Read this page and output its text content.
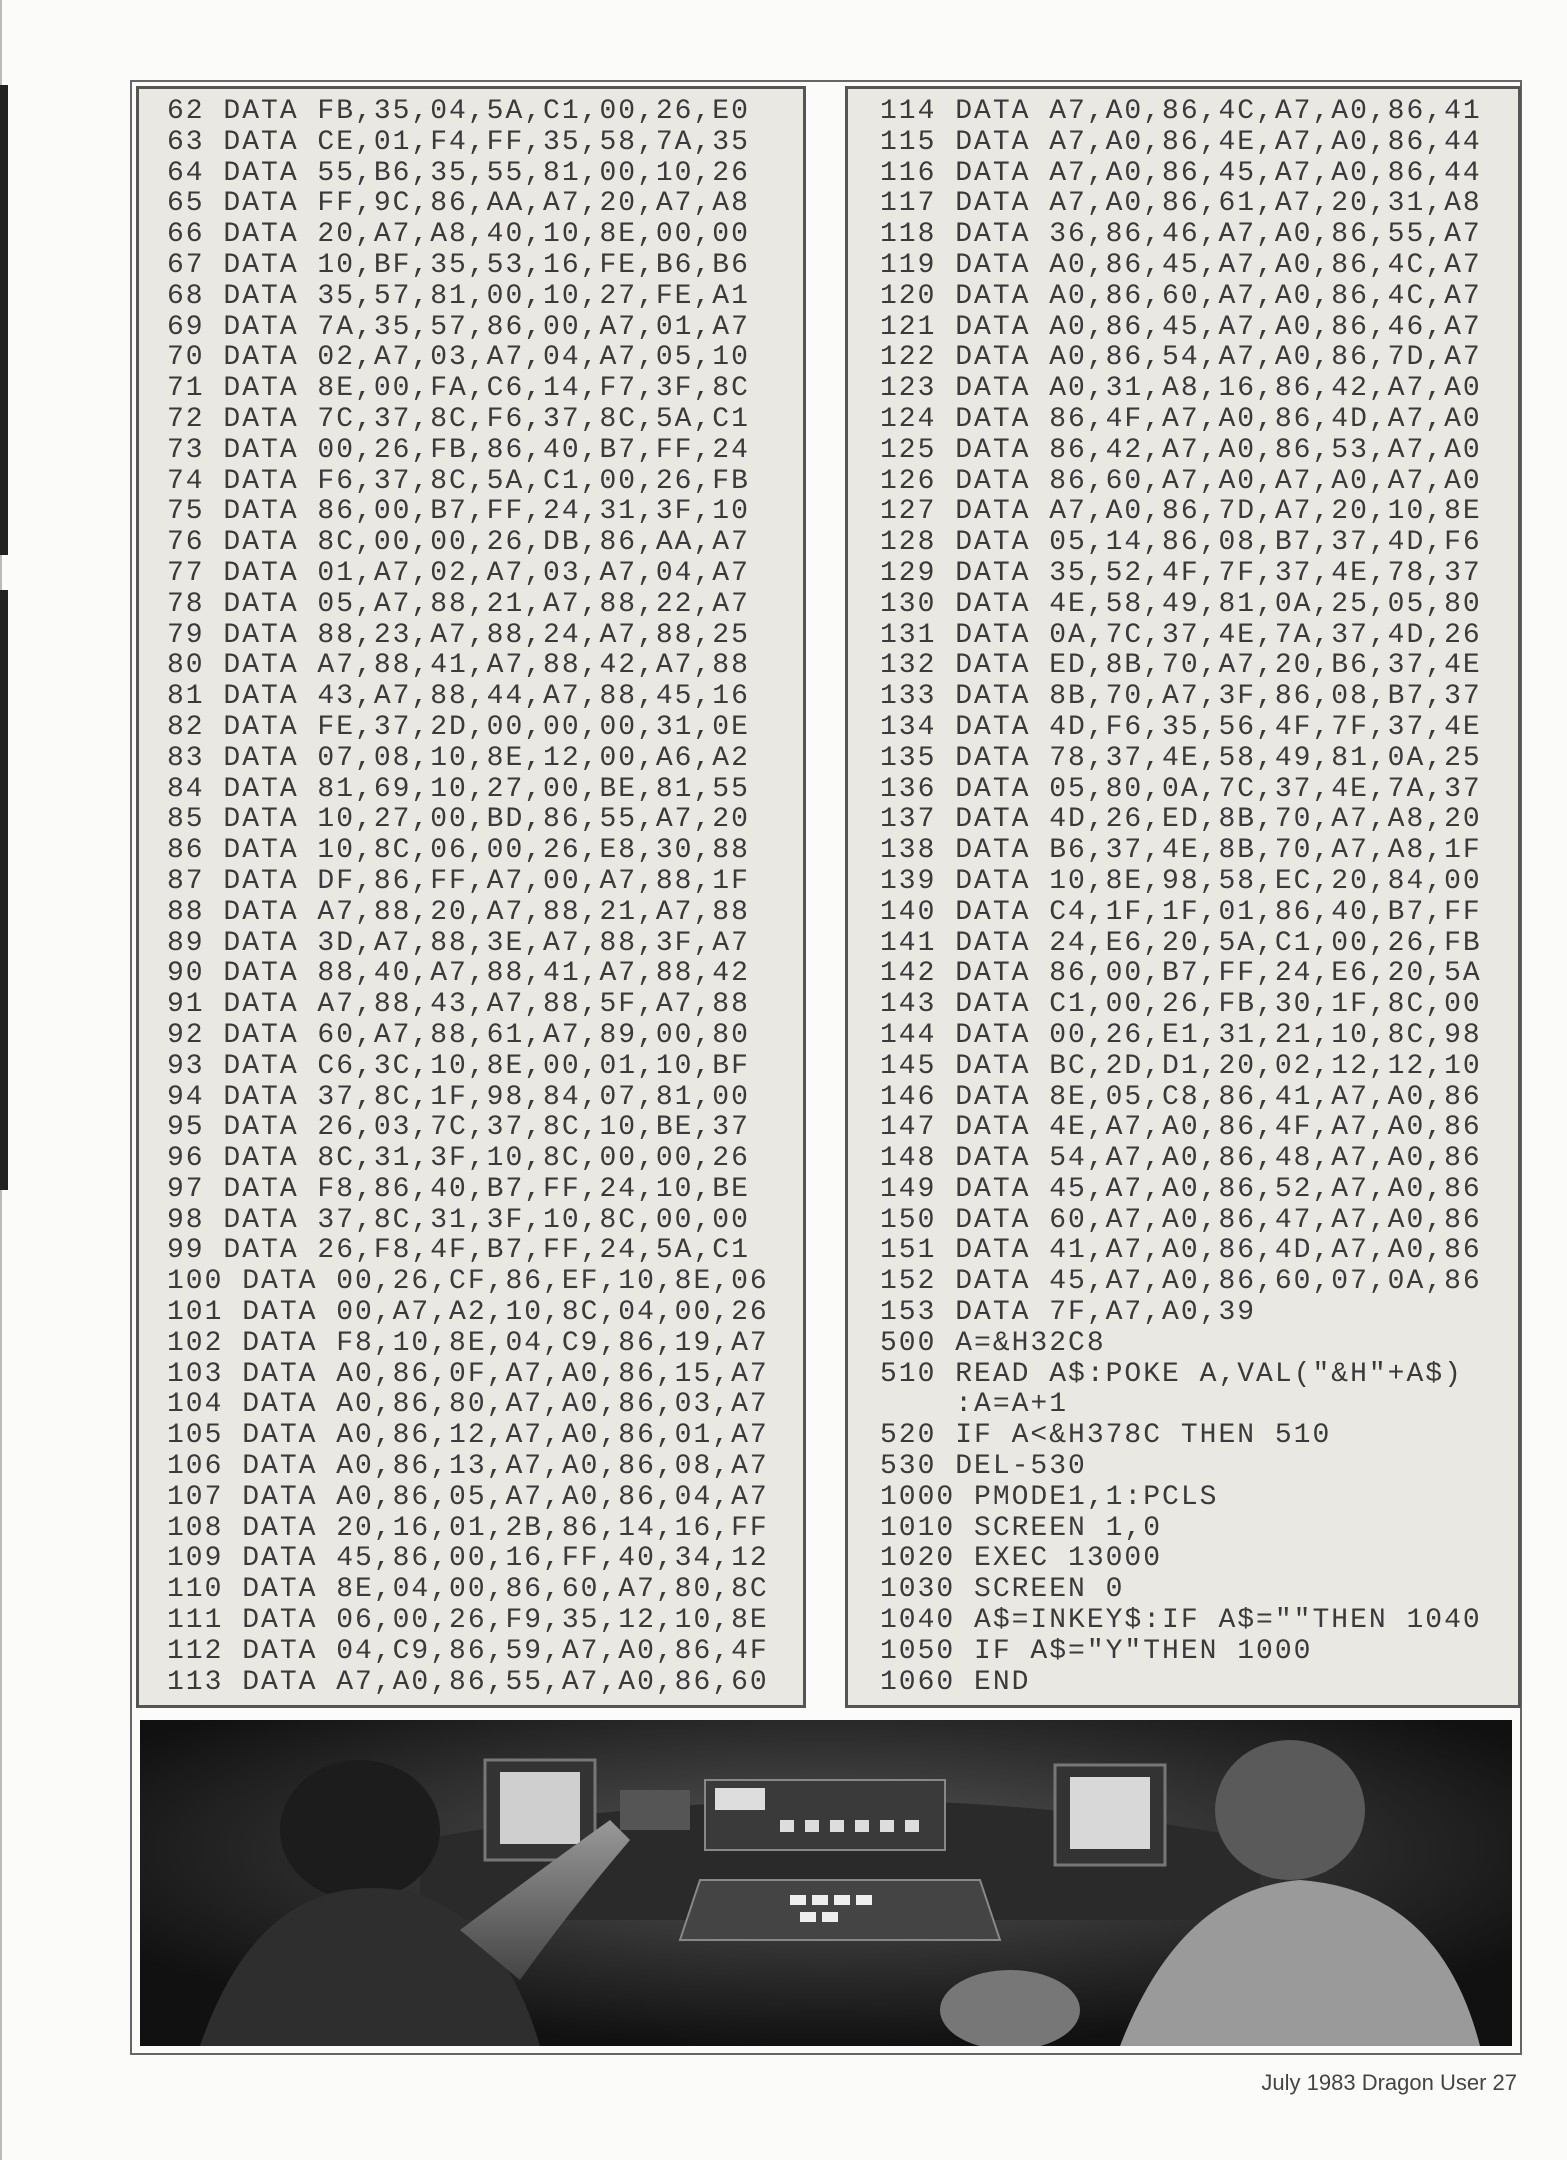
62 DATA FB,35,04,5A,C1,00,26,E0
63 DATA CE,01,F4,FF,35,58,7A,35
64 DATA 55,B6,35,55,81,00,10,26
65 DATA FF,9C,86,AA,A7,20,A7,A8
66 DATA 20,A7,A8,40,10,8E,00,00
67 DATA 10,BF,35,53,16,FE,B6,B6
68 DATA 35,57,81,00,10,27,FE,A1
69 DATA 7A,35,57,86,00,A7,01,A7
70 DATA 02,A7,03,A7,04,A7,05,10
71 DATA 8E,00,FA,C6,14,F7,3F,8C
72 DATA 7C,37,8C,F6,37,8C,5A,C1
73 DATA 00,26,FB,86,40,B7,FF,24
74 DATA F6,37,8C,5A,C1,00,26,FB
75 DATA 86,00,B7,FF,24,31,3F,10
76 DATA 8C,00,00,26,DB,86,AA,A7
77 DATA 01,A7,02,A7,03,A7,04,A7
78 DATA 05,A7,88,21,A7,88,22,A7
79 DATA 88,23,A7,88,24,A7,88,25
80 DATA A7,88,41,A7,88,42,A7,88
81 DATA 43,A7,88,44,A7,88,45,16
82 DATA FE,37,2D,00,00,00,31,0E
83 DATA 07,08,10,8E,12,00,A6,A2
84 DATA 81,69,10,27,00,BE,81,55
85 DATA 10,27,00,BD,86,55,A7,20
86 DATA 10,8C,06,00,26,E8,30,88
87 DATA DF,86,FF,A7,00,A7,88,1F
88 DATA A7,88,20,A7,88,21,A7,88
89 DATA 3D,A7,88,3E,A7,88,3F,A7
90 DATA 88,40,A7,88,41,A7,88,42
91 DATA A7,88,43,A7,88,5F,A7,88
92 DATA 60,A7,88,61,A7,89,00,80
93 DATA C6,3C,10,8E,00,01,10,BF
94 DATA 37,8C,1F,98,84,07,81,00
95 DATA 26,03,7C,37,8C,10,BE,37
96 DATA 8C,31,3F,10,8C,00,00,26
97 DATA F8,86,40,B7,FF,24,10,BE
98 DATA 37,8C,31,3F,10,8C,00,00
99 DATA 26,F8,4F,B7,FF,24,5A,C1
100 DATA 00,26,CF,86,EF,10,8E,06
101 DATA 00,A7,A2,10,8C,04,00,26
102 DATA F8,10,8E,04,C9,86,19,A7
103 DATA A0,86,0F,A7,A0,86,15,A7
104 DATA A0,86,80,A7,A0,86,03,A7
105 DATA A0,86,12,A7,A0,86,01,A7
106 DATA A0,86,13,A7,A0,86,08,A7
107 DATA A0,86,05,A7,A0,86,04,A7
108 DATA 20,16,01,2B,86,14,16,FF
109 DATA 45,86,00,16,FF,40,34,12
110 DATA 8E,04,00,86,60,A7,80,8C
111 DATA 06,00,26,F9,35,12,10,8E
112 DATA 04,C9,86,59,A7,A0,86,4F
113 DATA A7,A0,86,55,A7,A0,86,60
114 DATA A7,A0,86,4C,A7,A0,86,41
115 DATA A7,A0,86,4E,A7,A0,86,44
116 DATA A7,A0,86,45,A7,A0,86,44
117 DATA A7,A0,86,61,A7,20,31,A8
118 DATA 36,86,46,A7,A0,86,55,A7
119 DATA A0,86,45,A7,A0,86,4C,A7
120 DATA A0,86,60,A7,A0,86,4C,A7
121 DATA A0,86,45,A7,A0,86,46,A7
122 DATA A0,86,54,A7,A0,86,7D,A7
123 DATA A0,31,A8,16,86,42,A7,A0
124 DATA 86,4F,A7,A0,86,4D,A7,A0
125 DATA 86,42,A7,A0,86,53,A7,A0
126 DATA 86,60,A7,A0,A7,A0,A7,A0
127 DATA A7,A0,86,7D,A7,20,10,8E
128 DATA 05,14,86,08,B7,37,4D,F6
129 DATA 35,52,4F,7F,37,4E,78,37
130 DATA 4E,58,49,81,0A,25,05,80
131 DATA 0A,7C,37,4E,7A,37,4D,26
132 DATA ED,8B,70,A7,20,B6,37,4E
133 DATA 8B,70,A7,3F,86,08,B7,37
134 DATA 4D,F6,35,56,4F,7F,37,4E
135 DATA 78,37,4E,58,49,81,0A,25
136 DATA 05,80,0A,7C,37,4E,7A,37
137 DATA 4D,26,ED,8B,70,A7,A8,20
138 DATA B6,37,4E,8B,70,A7,A8,1F
139 DATA 10,8E,98,58,EC,20,84,00
140 DATA C4,1F,1F,01,86,40,B7,FF
141 DATA 24,E6,20,5A,C1,00,26,FB
142 DATA 86,00,B7,FF,24,E6,20,5A
143 DATA C1,00,26,FB,30,1F,8C,00
144 DATA 00,26,E1,31,21,10,8C,98
145 DATA BC,2D,D1,20,02,12,12,10
146 DATA 8E,05,C8,86,41,A7,A0,86
147 DATA 4E,A7,A0,86,4F,A7,A0,86
148 DATA 54,A7,A0,86,48,A7,A0,86
149 DATA 45,A7,A0,86,52,A7,A0,86
150 DATA 60,A7,A0,86,47,A7,A0,86
151 DATA 41,A7,A0,86,4D,A7,A0,86
152 DATA 45,A7,A0,86,60,07,0A,86
153 DATA 7F,A7,A0,39
500 A=&H32C8
510 READ A$:POKE A,VAL("&H"+A$)
:A=A+1
520 IF A<&H378C THEN 510
530 DEL-530
1000 PMODE1,1:PCLS
1010 SCREEN 1,0
1020 EXEC 13000
1030 SCREEN 0
1040 A$=INKEY$:IF A$=""THEN 1040
1050 IF A$="Y"THEN 1000
1060 END
July 1983 Dragon User 27
